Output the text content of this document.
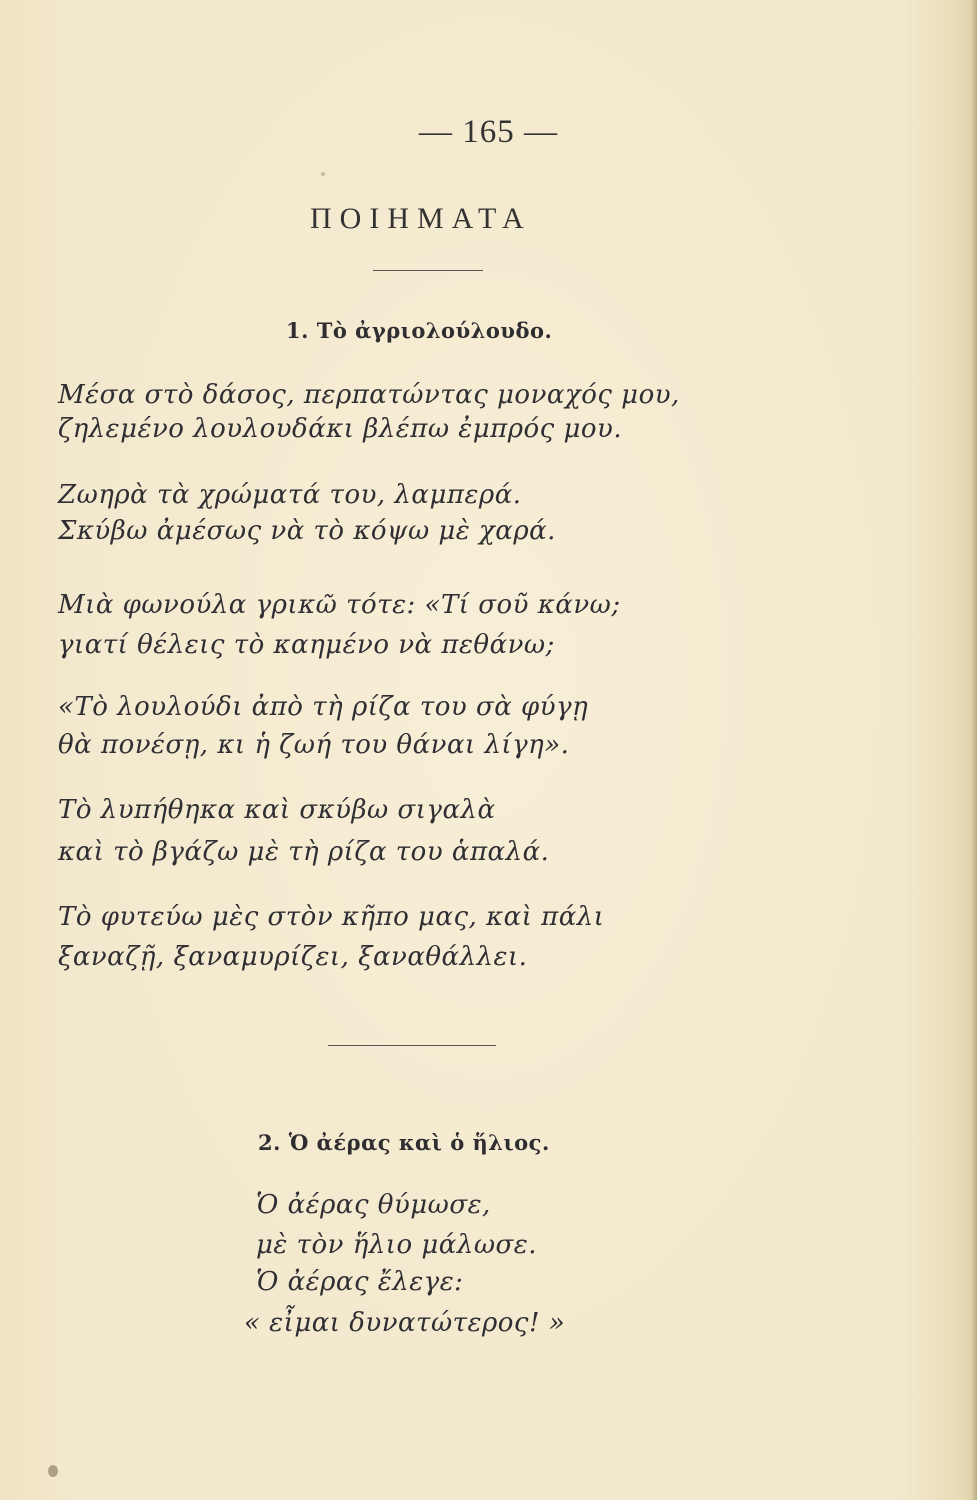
— 165 —
ΠΟΙΗΜΑΤΑ
1. Τὸ ἀγριολούλουδο.
Μέσα στὸ δάσος, περπατώντας μοναχός μου,
ζηλεμένο λουλουδάκι βλέπω ἐμπρός μου.
Ζωηρὰ τὰ χρώματά του, λαμπερά.
Σκύβω ἀμέσως νὰ τὸ κόψω μὲ χαρά.
Μιὰ φωνούλα γρικῶ τότε: «Τί σοῦ κάνω;
γιατί θέλεις τὸ καημένο νὰ πεθάνω;
«Τὸ λουλούδι ἀπὸ τὴ ρίζα του σὰ φύγῃ
θὰ πονέσῃ, κι ἡ ζωή του θάναι λίγη».
Τὸ λυπήθηκα καὶ σκύβω σιγαλὰ
καὶ τὸ βγάζω μὲ τὴ ρίζα του ἁπαλά.
Τὸ φυτεύω μὲς στὸν κῆπο μας, καὶ πάλι
ξαναζῇ, ξαναμυρίζει, ξαναθάλλει.
2. Ὁ ἀέρας καὶ ὁ ἥλιος.
Ὁ ἀέρας θύμωσε,
μὲ τὸν ἥλιο μάλωσε.
Ὁ ἀέρας ἔλεγε:
« εἶμαι δυνατώτερος! »
